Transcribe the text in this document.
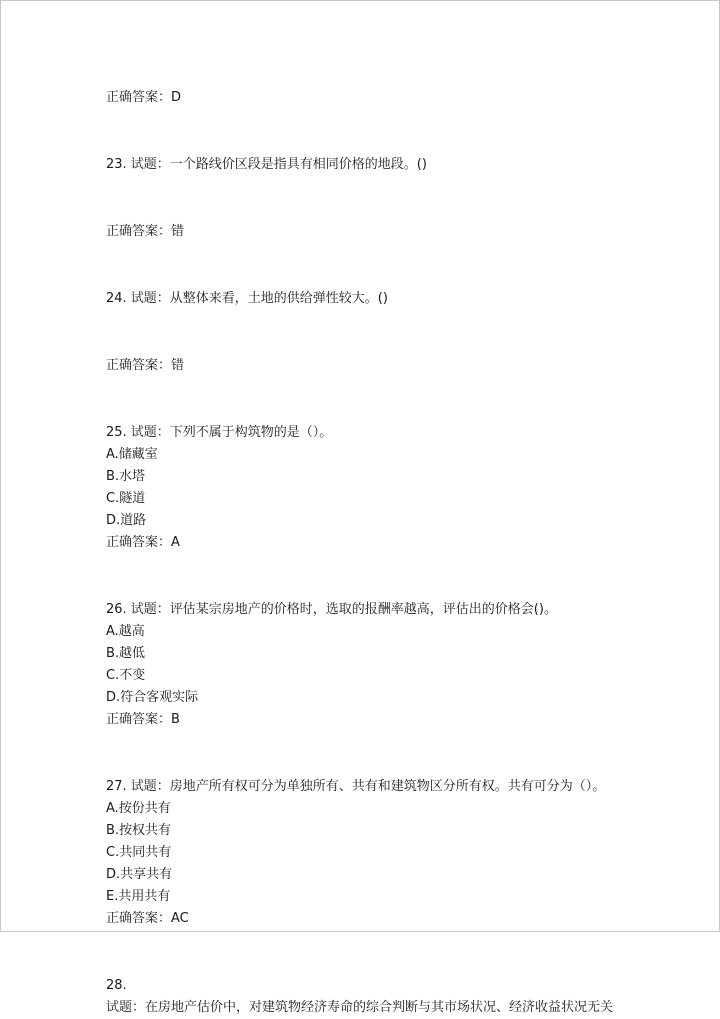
正确答案：D
23. 试题：一个路线价区段是指具有相同价格的地段。()
正确答案：错
24. 试题：从整体来看，土地的供给弹性较大。()
正确答案：错
25. 试题：下列不属于构筑物的是（）。
A.储藏室
B.水塔
C.隧道
D.道路
正确答案：A
26. 试题：评估某宗房地产的价格时，选取的报酬率越高，评估出的价格会()。
A.越高
B.越低
C.不变
D.符合客观实际
正确答案：B
27. 试题：房地产所有权可分为单独所有、共有和建筑物区分所有权。共有可分为（）。
A.按份共有
B.按权共有
C.共同共有
D.共享共有
E.共用共有
正确答案：AC
28.
试题：在房地产估价中，对建筑物经济寿命的综合判断与其市场状况、经济收益状况无关
